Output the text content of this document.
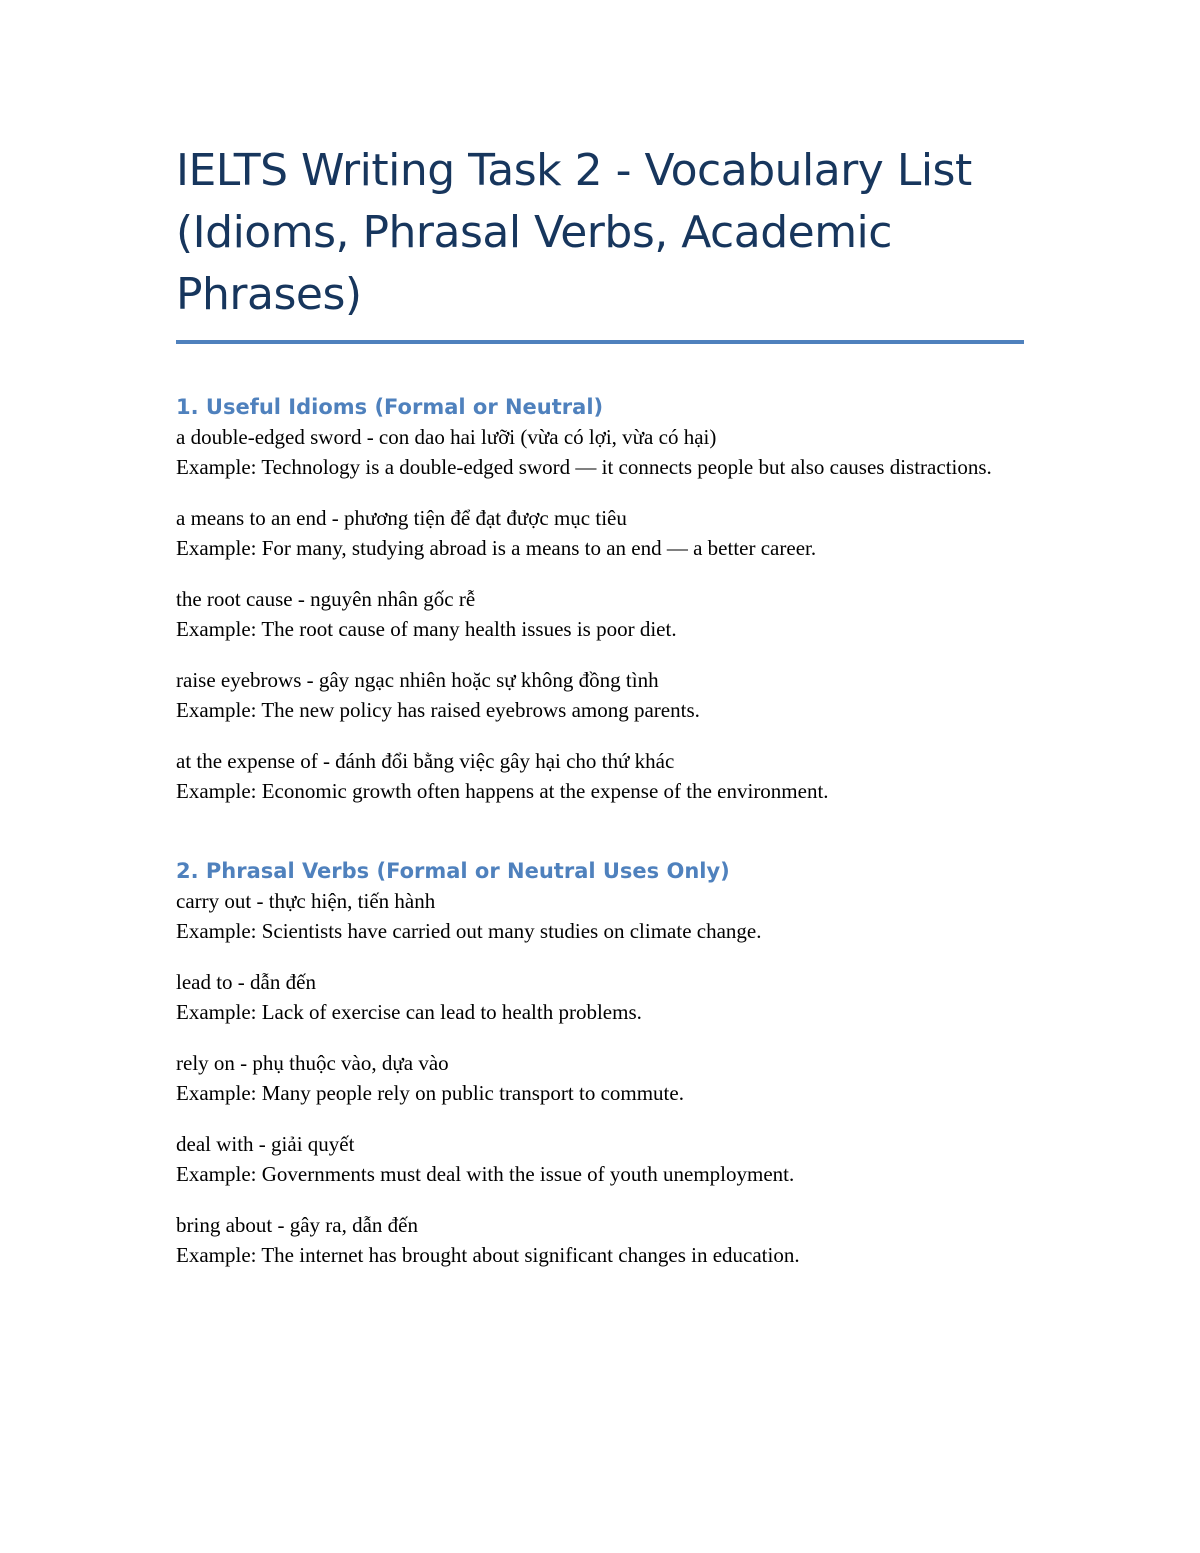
IELTS Writing Task 2 - Vocabulary List (Idioms, Phrasal Verbs, Academic Phrases)
1. Useful Idioms (Formal or Neutral)
a double-edged sword - con dao hai lưỡi (vừa có lợi, vừa có hại)
Example: Technology is a double-edged sword — it connects people but also causes distractions.
a means to an end - phương tiện để đạt được mục tiêu
Example: For many, studying abroad is a means to an end — a better career.
the root cause - nguyên nhân gốc rễ
Example: The root cause of many health issues is poor diet.
raise eyebrows - gây ngạc nhiên hoặc sự không đồng tình
Example: The new policy has raised eyebrows among parents.
at the expense of - đánh đổi bằng việc gây hại cho thứ khác
Example: Economic growth often happens at the expense of the environment.
2. Phrasal Verbs (Formal or Neutral Uses Only)
carry out - thực hiện, tiến hành
Example: Scientists have carried out many studies on climate change.
lead to - dẫn đến
Example: Lack of exercise can lead to health problems.
rely on - phụ thuộc vào, dựa vào
Example: Many people rely on public transport to commute.
deal with - giải quyết
Example: Governments must deal with the issue of youth unemployment.
bring about - gây ra, dẫn đến
Example: The internet has brought about significant changes in education.
